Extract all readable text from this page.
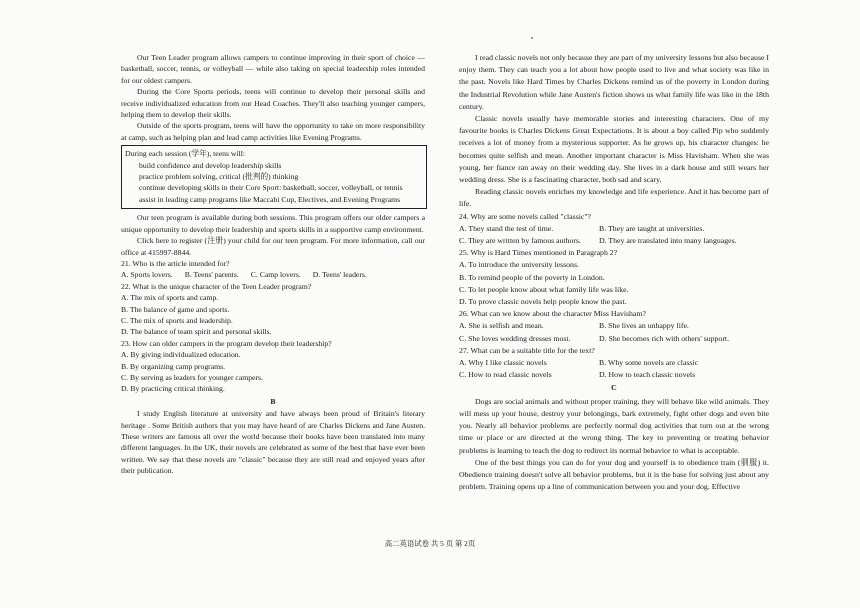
Our Teen Leader program allows campers to continue improving in their sport of choice — basketball, soccer, tennis, or volleyball — while also taking on special leadership roles intended for our oldest campers.

During the Core Sports periods, teens will continue to develop their personal skills and receive individualized education from our Head Coaches. They'll also teaching younger campers, helping them to develop their skills.

Outside of the sports program, teens will have the opportunity to take on more responsibility at camp, such as helping plan and lead camp activities like Evening Programs.

During each session (学年), teens will:

build confidence and develop leadership skills

practice problem solving, critical (批判的) thinking

continue developing skills in their Core Sport: basketball, soccer, volleyball, or tennis

assist in leading camp programs like Maccabi Cup, Electives, and Evening Programs

Our teen program is available during both sessions. This program offers our older campers a unique opportunity to develop their leadership and sports skills in a supportive camp environment.

Click here to register (注册) your child for our teen program. For more information, call our office at 415997-8844.

21. Who is the article intended for?

A. Sports lovers. B. Teens' parents. C. Camp lovers. D. Teens' leaders.

22. What is the unique character of the Teen Leader program?

A. The mix of sports and camp.

B. The balance of game and sports.

C. The mix of sports and leadership.

D. The balance of team spirit and personal skills.

23. How can older campers in the program develop their leadership?

A. By giving individualized education.

B. By organizing camp programs.

C. By serving as leaders for younger campers.

D. By practicing critical thinking.

B

I study English literature at university and have always been proud of Britain's literary heritage . Some British authors that you may have heard of are Charles Dickens and Jane Austen. These writers are famous all over the world because their books have been translated into many different languages. In the UK, their novels are celebrated as some of the best that have ever been written. We say that these novels are "classic" because they are still read and enjoyed years after their publication.

I read classic novels not only because they are part of my university lessons but also because I enjoy them. They can teach you a lot about how people used to live and what society was like in the past. Novels like Hard Times by Charles Dickens remind us of the poverty in London during the Industrial Revolution while Jane Austen's fiction shows us what family life was like in the 18th century.

Classic novels usually have memorable stories and interesting characters. One of my favourite books is Charles Dickens Great Expectations. It is about a boy called Pip who suddenly receives a lot of money from a mysterious supporter. As he grows up, his character changes: he becomes quite selfish and mean. Another important character is Miss Havisham. When she was young, her fiance ran away on their wedding day. She lives in a dark house and still wears her wedding dress. She is a fascinating character, both sad and scary.

Reading classic novels enriches my knowledge and life experience. And it has become part of life.

24. Why are some novels called "classic"?

A. They stand the test of time.	B. They are taught at universities.
C. They are written by famous authors.	D. They are translated into many languages.

25. Why is Hard Times mentioned in Paragraph 2?

A. To introduce the university lessons.

B. To remind people of the poverty in London.

C. To let people know about what family life was like.

D. To prove classic novels help people know the past.

26. What can we know about the character Miss Havisham?

A. She is selfish and mean.	B. She lives an unhappy life.
C. She loves wedding dresses most.	D. She becomes rich with others' support.

27. What can be a suitable title for the text?

A. Why I like classic novels	B. Why some novels are classic
C. How to read classic novels	D. How to teach classic novels

C

Dogs are social animals and without proper training, they will behave like wild animals. They will mess up your house, destroy your belongings, bark extremely, fight other dogs and even bite you. Nearly all behavior problems are perfectly normal dog activities that turn out at the wrong time or place or are directed at the wrong thing. The key to preventing or treating behavior problems is learning to teach the dog to redirect its normal behavior to what is acceptable.

One of the best things you can do for your dog and yourself is to obedience train (驯服) it. Obedience training doesn't solve all behavior problems, but it is the base for solving just about any problem. Training opens up a line of communication between you and your dog. Effective

高二英语试卷 共 5 页 第 2页
